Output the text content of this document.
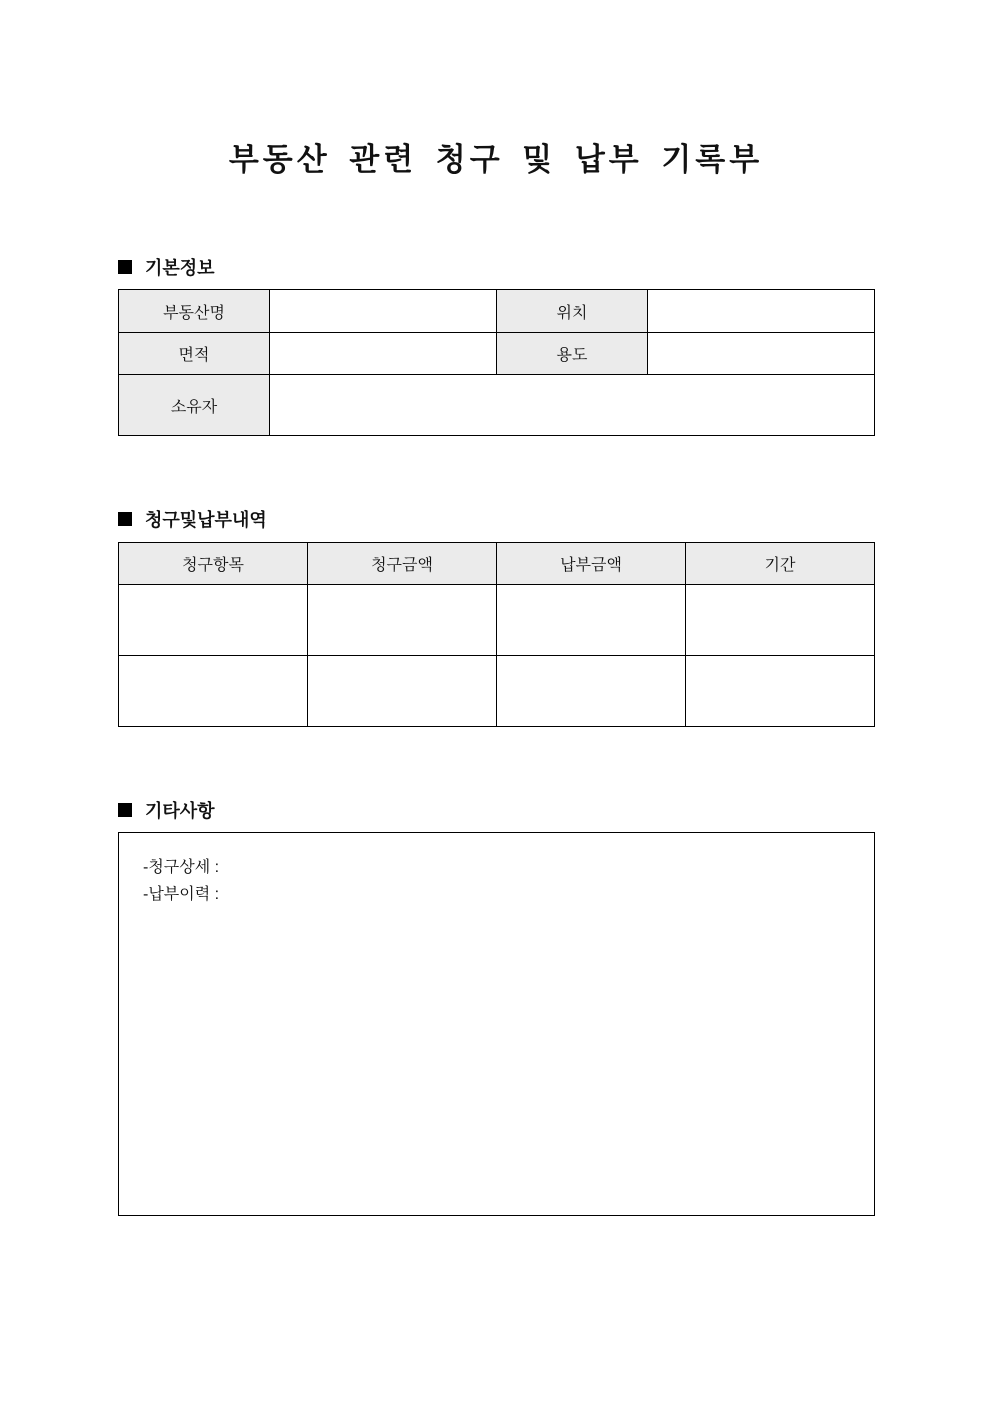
부동산 관련 청구 및 납부 기록부
기본정보
부동산명		위치	
면적		용도	
소유자			
청구및납부내역
청구항목	청구금액	납부금액	기간

기타사항
-청구상세 :
-납부이력 :
